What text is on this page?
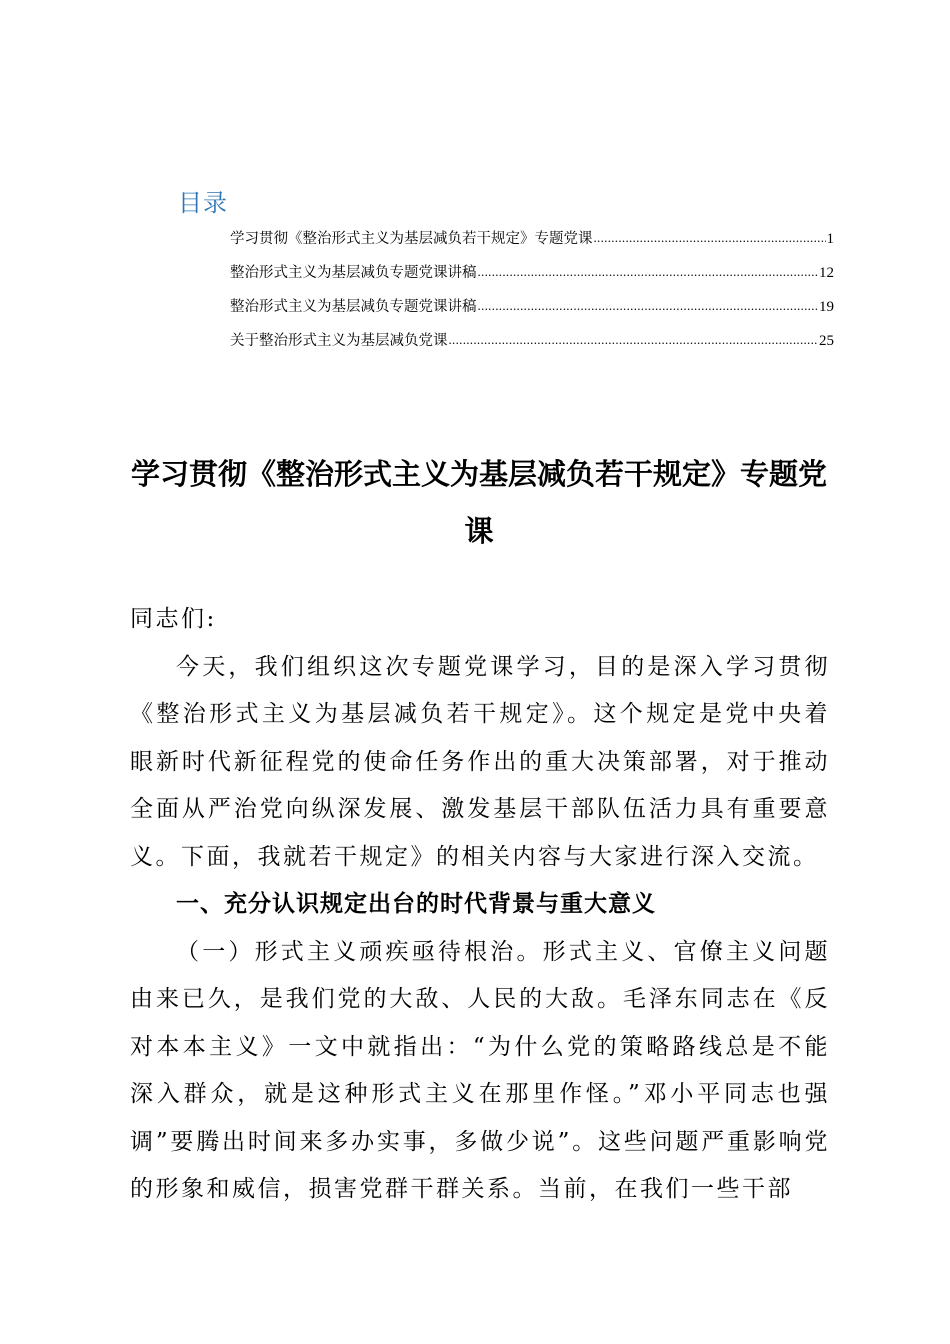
目录
学习贯彻《整治形式主义为基层减负若干规定》专题党课 .....	1
整治形式主义为基层减负专题党课讲稿 .....	12
整治形式主义为基层减负专题党课讲稿 .....	19
关于整治形式主义为基层减负党课 .....	25
学习贯彻《整治形式主义为基层减负若干规定》专题党课

同志们:

今天，我们组织这次专题党课学习，目的是深入学习贯彻《整治形式主义为基层减负若干规定》。这个规定是党中央着眼新时代新征程党的使命任务作出的重大决策部署，对于推动全面从严治党向纵深发展、激发基层干部队伍活力具有重要意义。下面，我就若干规定》的相关内容与大家进行深入交流。

一、充分认识规定出台的时代背景与重大意义

（一）形式主义顽疾亟待根治。形式主义、官僚主义问题由来已久，是我们党的大敌、人民的大敌。毛泽东同志在《反对本本主义》一文中就指出：“为什么党的策略路线总是不能深入群众，就是这种形式主义在那里作怪。”邓小平同志也强调”要腾出时间来多办实事，多做少说”。这些问题严重影响党的形象和威信，损害党群干群关系。当前，在我们一些干部
